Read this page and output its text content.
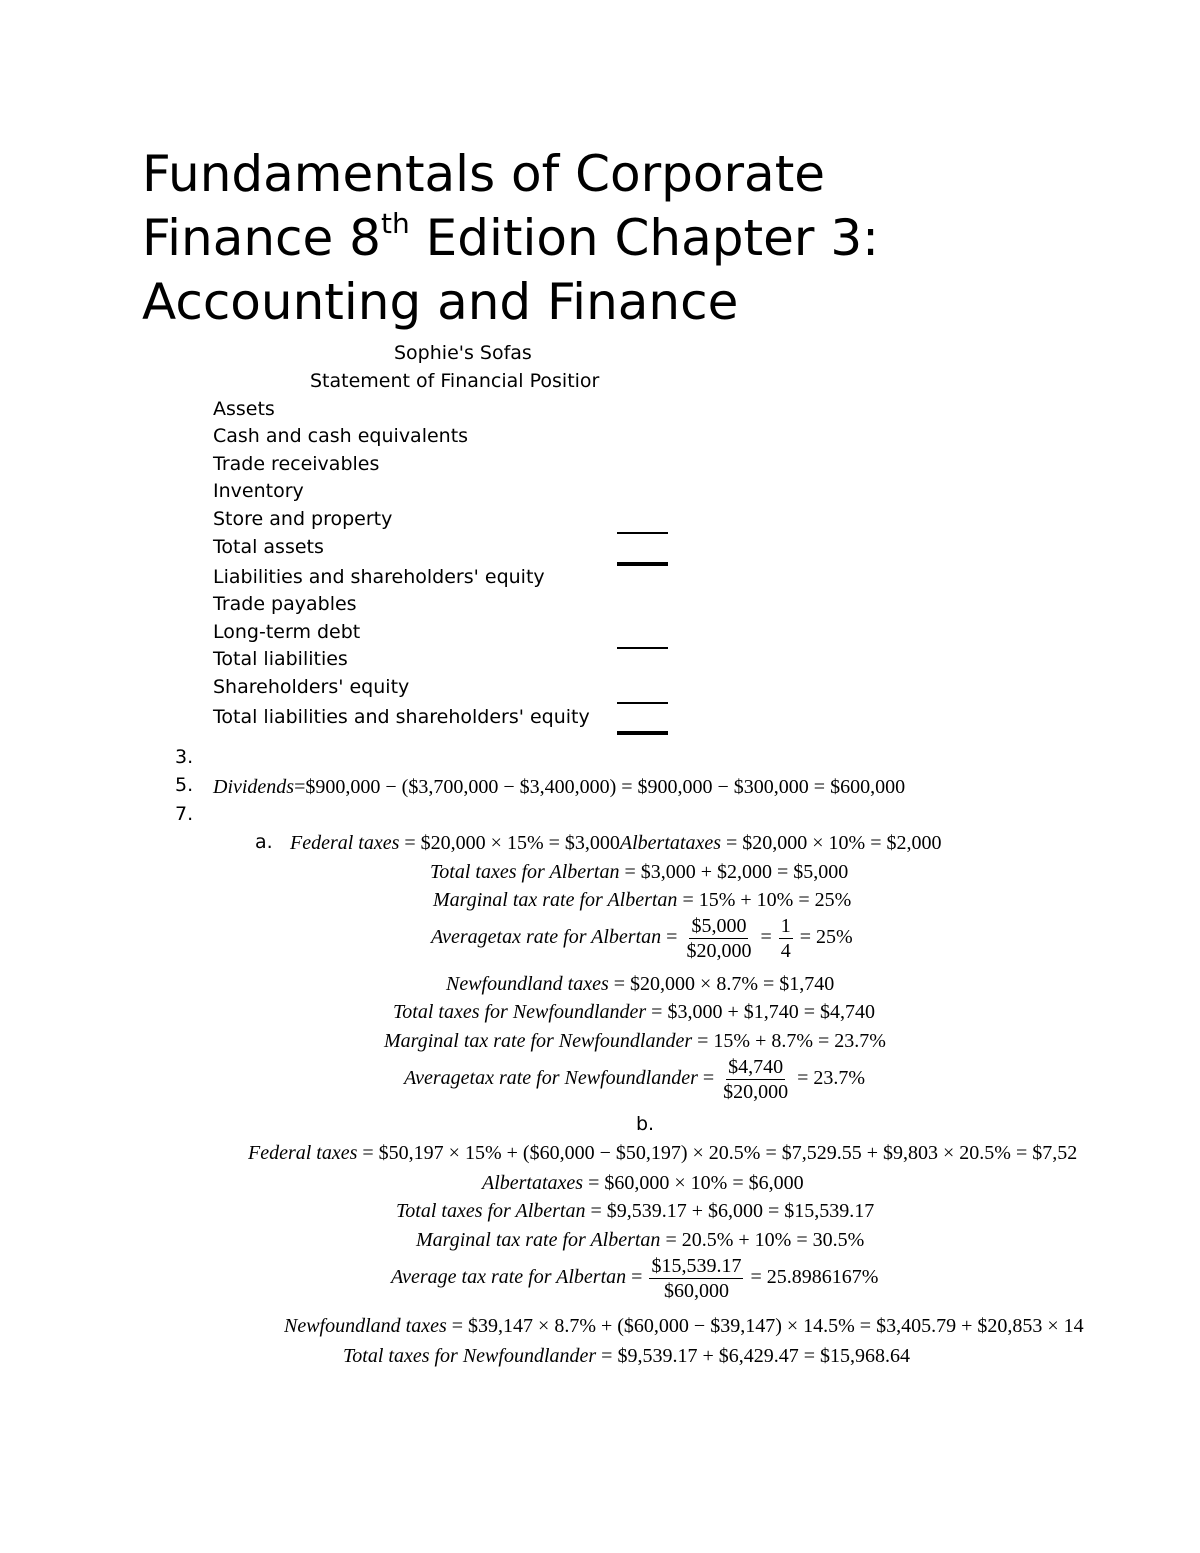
Fundamentals of Corporate
Finance 8th Edition Chapter 3:
Accounting and Finance
Sophie's Sofas
Statement of Financial Positior
Assets
Cash and cash equivalents
Trade receivables
Inventory
Store and property
Total assets
Liabilities and shareholders' equity
Trade payables
Long-term debt
Total liabilities
Shareholders' equity
Total liabilities and shareholders' equity
3.
5. Dividends=$900,000 − ($3,700,000 − $3,400,000) = $900,000 − $300,000 = $600,000
7.
a. Federal taxes = $20,000 × 15% = $3,000Albertataxes = $20,000 × 10% = $2,000
Total taxes for Albertan = $3,000 + $2,000 = $5,000
Marginal tax rate for Albertan = 15% + 10% = 25%
Averagetax rate for Albertan = $\frac{\$5,000}{\$20,000} = \frac{1}{4} = 25\%$
Newfoundland taxes = $20,000 × 8.7% = $1,740
Total taxes for Newfoundlander = $3,000 + $1,740 = $4,740
Marginal tax rate for Newfoundlander = 15% + 8.7% = 23.7%
Averagetax rate for Newfoundlander = $\frac{\$4,740}{\$20,000} = 23.7\%$
b.
Federal taxes = $50,197 × 15% + ($60,000 − $50,197) × 20.5% = $7,529.55 + $9,803 × 20.5% = $7,52
Albertataxes = $60,000 × 10% = $6,000
Total taxes for Albertan = $9,539.17 + $6,000 = $15,539.17
Marginal tax rate for Albertan = 20.5% + 10% = 30.5%
Average tax rate for Albertan = $\frac{\$15,539.17}{\$60,000} = 25.8986167\%$
Newfoundland taxes = $39,147 × 8.7% + ($60,000 − $39,147) × 14.5% = $3,405.79 + $20,853 × 14
Total taxes for Newfoundlander = $9,539.17 + $6,429.47 = $15,968.64
